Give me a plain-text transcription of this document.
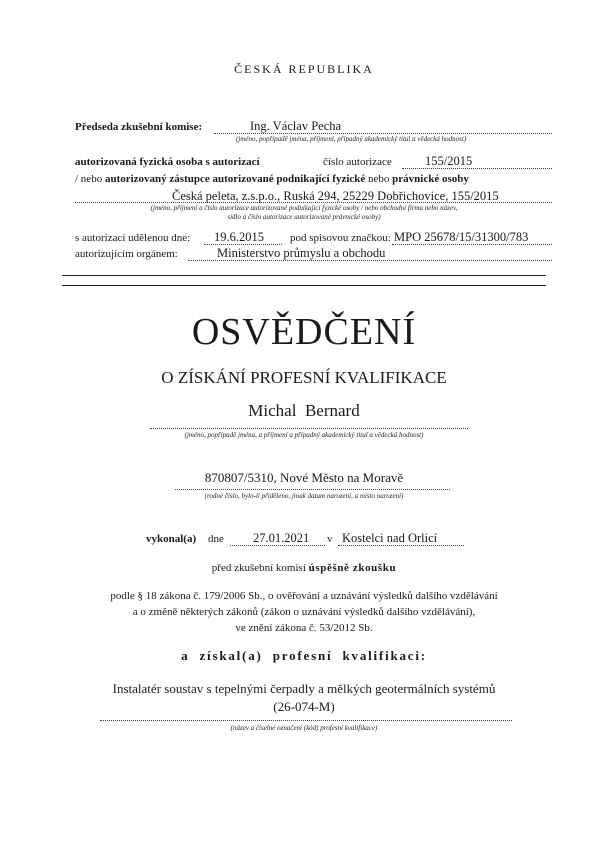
ČESKÁ REPUBLIKA
Předseda zkušební komise:	Ing. Václav Pecha
(jméno, popřípadě jména, příjmení, případný akademický titul a vědecká hodnost)
autorizovaná fyzická osoba s autorizací	číslo autorizace	155/2015
/ nebo autorizovaný zástupce autorizované podnikající fyzické nebo právnické osoby
Česká peleta, z.s.p.o., Ruská 294, 25229 Dobřichovice, 155/2015
(jméno, příjmení a číslo autorizace autorizované podnikající fyzické osoby / nebo obchodní firma nebo název,
sídlo a číslo autorizace autorizované právnické osoby)
s autorizací udělenou dne: 19.6.2015 pod spisovou značkou: MPO 25678/15/31300/783
autorizujícím orgánem:	Ministerstvo průmyslu a obchodu
OSVĚDČENÍ
O ZÍSKÁNÍ PROFESNÍ KVALIFIKACE
Michal  Bernard
(jméno, popřípadě jména, a příjmení a případný akademický titul a vědecká hodnost)
870807/5310, Nové Město na Moravě
(rodné číslo, bylo-li přiděleno, jinak datum narození, a místo narození)
vykonal(a) dne 27.01.2021 v Kostelci nad Orlicí
před zkušební komisí úspěšně zkoušku
podle § 18 zákona č. 179/2006 Sb., o ověřování a uznávání výsledků dalšího vzdělávání
a o změně některých zákonů (zákon o uznávání výsledků dalšího vzdělávání),
ve znění zákona č. 53/2012 Sb.
a  získal(a)  profesní  kvalifikaci:
Instalatér soustav s tepelnými čerpadly a mělkých geotermálních systémů
(26-074-M)
(název a číselné označení (kód) profesní kvalifikace)
